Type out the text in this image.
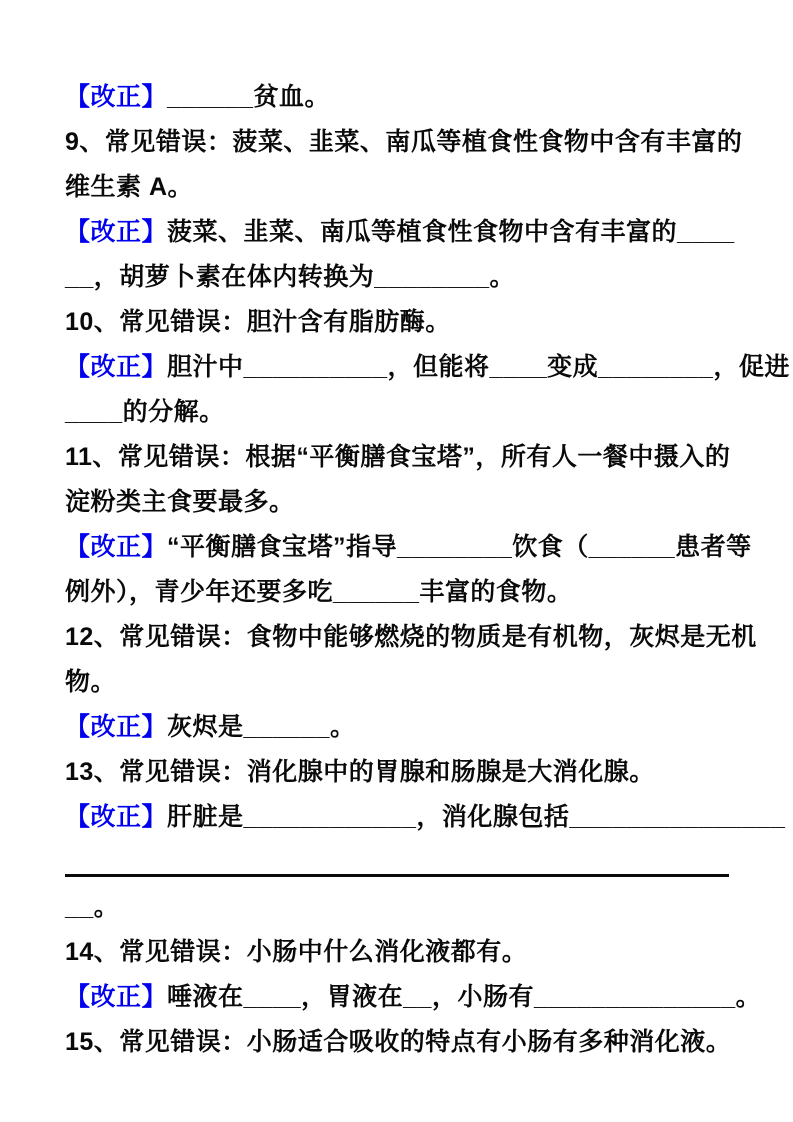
【改正】______贫血。
9、常见错误：菠菜、韭菜、南瓜等植食性食物中含有丰富的
维生素 A。
【改正】菠菜、韭菜、南瓜等植食性食物中含有丰富的____
__，胡萝卜素在体内转换为________。
10、常见错误：胆汁含有脂肪酶。
【改正】胆汁中__________，但能将____变成________，促进
____的分解。
11、常见错误：根据“平衡膳食宝塔”，所有人一餐中摄入的
淀粉类主食要最多。
【改正】“平衡膳食宝塔”指导________饮食（______患者等
例外），青少年还要多吃______丰富的食物。
12、常见错误：食物中能够燃烧的物质是有机物，灰烬是无机
物。
【改正】灰烬是______。
13、常见错误：消化腺中的胃腺和肠腺是大消化腺。
【改正】肝脏是____________，消化腺包括_______________
__。
14、常见错误：小肠中什么消化液都有。
【改正】唾液在____，胃液在__，小肠有______________。
15、常见错误：小肠适合吸收的特点有小肠有多种消化液。
